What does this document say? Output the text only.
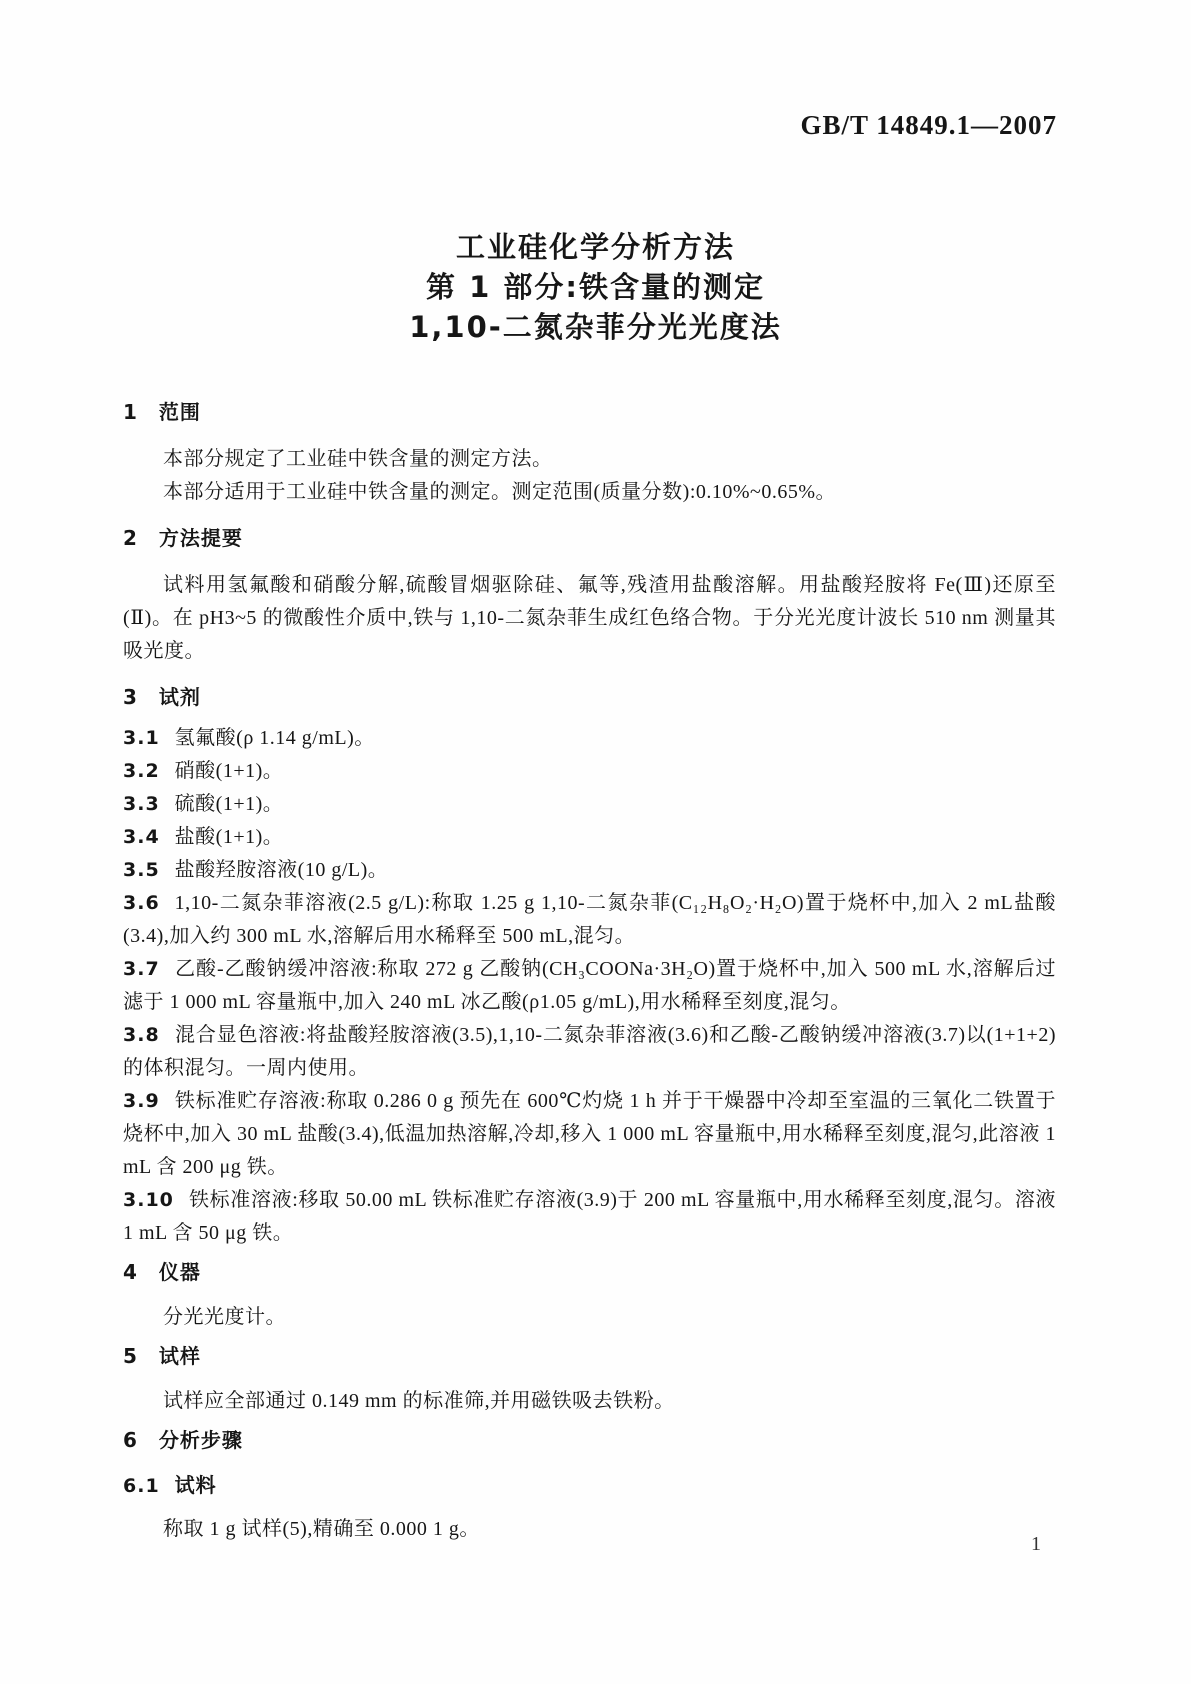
GB/T 14849.1—2007
工业硅化学分析方法
第 1 部分:铁含量的测定
1,10-二氮杂菲分光光度法
1 范围

本部分规定了工业硅中铁含量的测定方法。

本部分适用于工业硅中铁含量的测定。测定范围(质量分数):0.10%~0.65%。

2 方法提要

试料用氢氟酸和硝酸分解,硫酸冒烟驱除硅、氟等,残渣用盐酸溶解。用盐酸羟胺将 Fe(Ⅲ)还原至(Ⅱ)。在 pH3~5 的微酸性介质中,铁与 1,10-二氮杂菲生成红色络合物。于分光光度计波长 510 nm 测量其吸光度。

3 试剂

3.1 氢氟酸(ρ 1.14 g/mL)。

3.2 硝酸(1+1)。

3.3 硫酸(1+1)。

3.4 盐酸(1+1)。

3.5 盐酸羟胺溶液(10 g/L)。

3.6 1,10-二氮杂菲溶液(2.5 g/L):称取 1.25 g 1,10-二氮杂菲(C₁₂H₈O₂·H₂O)置于烧杯中,加入 2 mL盐酸(3.4),加入约 300 mL 水,溶解后用水稀释至 500 mL,混匀。

3.7 乙酸-乙酸钠缓冲溶液:称取 272 g 乙酸钠(CH₃COONa·3H₂O)置于烧杯中,加入 500 mL 水,溶解后过滤于 1 000 mL 容量瓶中,加入 240 mL 冰乙酸(ρ1.05 g/mL),用水稀释至刻度,混匀。

3.8 混合显色溶液:将盐酸羟胺溶液(3.5),1,10-二氮杂菲溶液(3.6)和乙酸-乙酸钠缓冲溶液(3.7)以(1+1+2)的体积混匀。一周内使用。

3.9 铁标准贮存溶液:称取 0.286 0 g 预先在 600℃灼烧 1 h 并于干燥器中冷却至室温的三氧化二铁置于烧杯中,加入 30 mL 盐酸(3.4),低温加热溶解,冷却,移入 1 000 mL 容量瓶中,用水稀释至刻度,混匀,此溶液 1 mL 含 200 μg 铁。

3.10 铁标准溶液:移取 50.00 mL 铁标准贮存溶液(3.9)于 200 mL 容量瓶中,用水稀释至刻度,混匀。溶液 1 mL 含 50 μg 铁。

4 仪器

分光光度计。

5 试样

试样应全部通过 0.149 mm 的标准筛,并用磁铁吸去铁粉。

6 分析步骤

6.1 试料

称取 1 g 试样(5),精确至 0.000 1 g。

1
